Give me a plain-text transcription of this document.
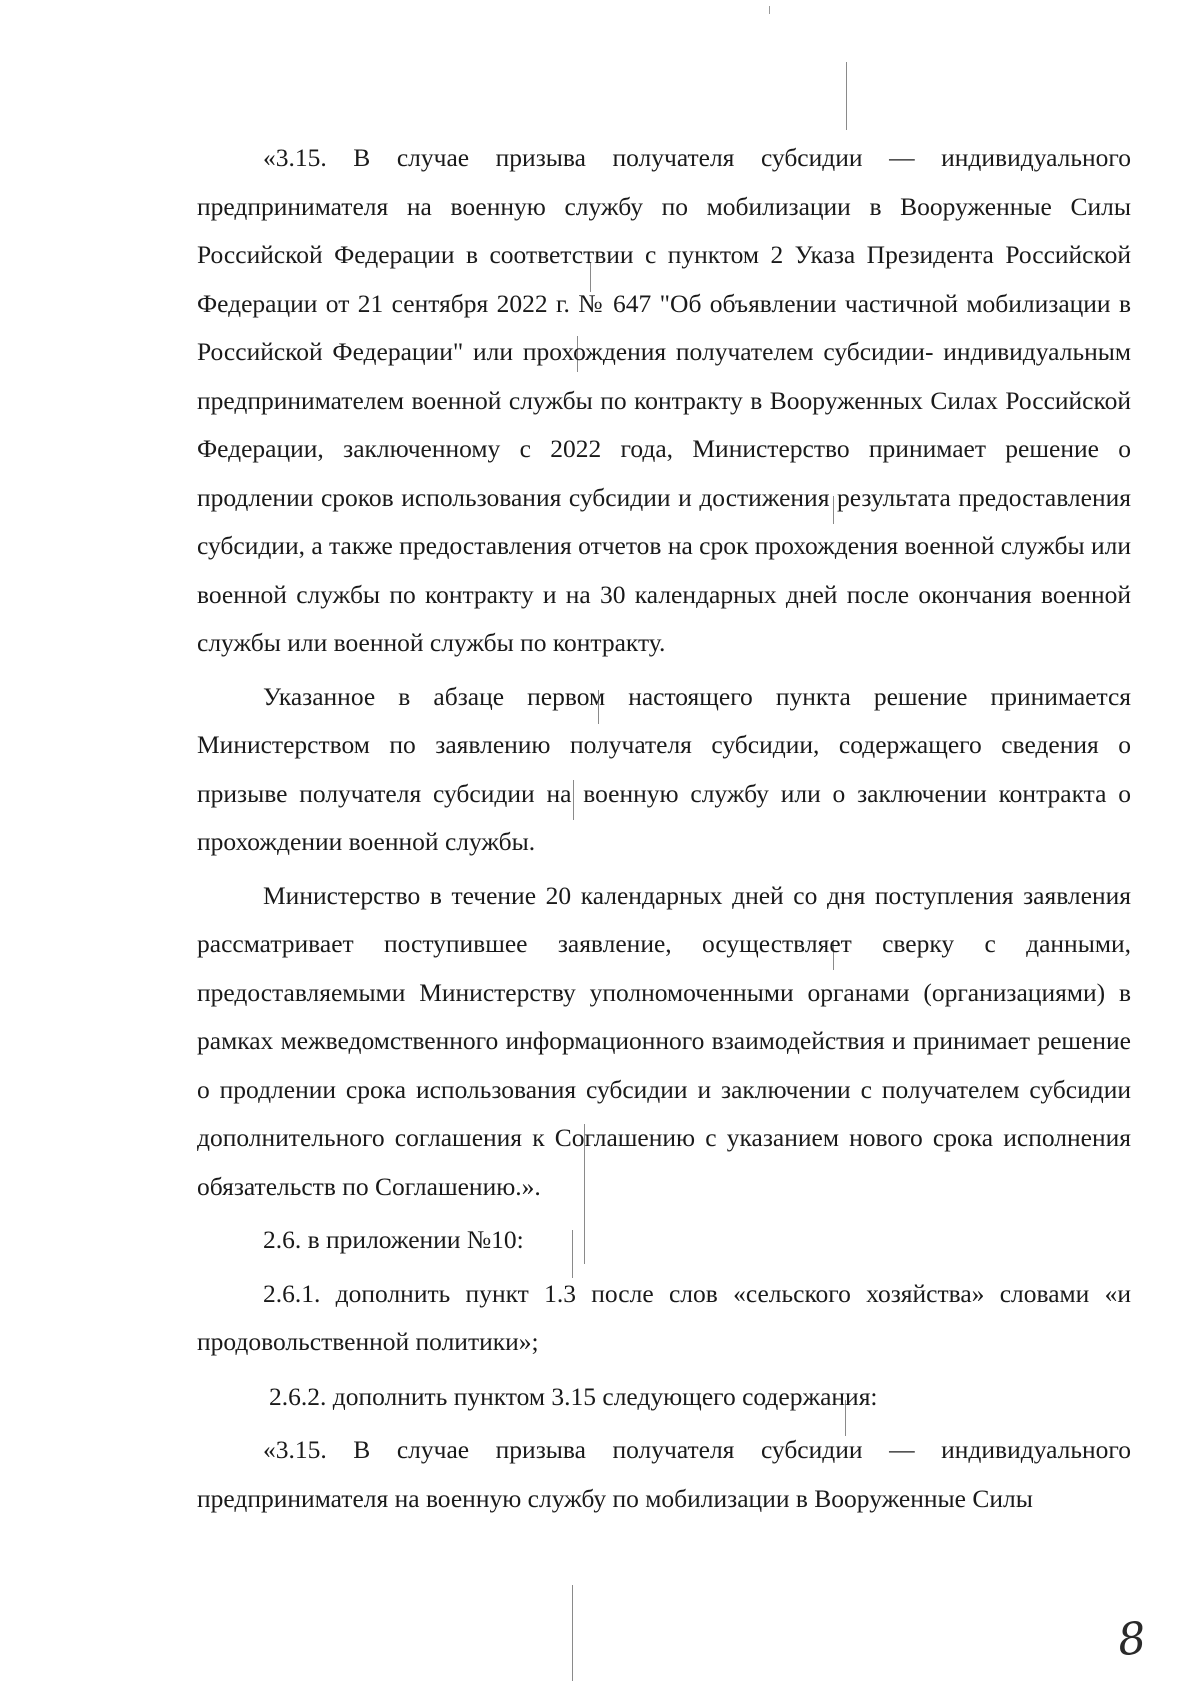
«3.15. В случае призыва получателя субсидии — индивидуального предпринимателя на военную службу по мобилизации в Вооруженные Силы Российской Федерации в соответствии с пунктом 2 Указа Президента Российской Федерации от 21 сентября 2022 г. № 647 "Об объявлении частичной мобилизации в Российской Федерации" или прохождения получателем субсидии- индивидуальным предпринимателем военной службы по контракту в Вооруженных Силах Российской Федерации, заключенному с 2022 года, Министерство принимает решение о продлении сроков использования субсидии и достижения результата предоставления субсидии, а также предоставления отчетов на срок прохождения военной службы или военной службы по контракту и на 30 календарных дней после окончания военной службы или военной службы по контракту.

Указанное в абзаце первом настоящего пункта решение принимается Министерством по заявлению получателя субсидии, содержащего сведения о призыве получателя субсидии на военную службу или о заключении контракта о прохождении военной службы.

Министерство в течение 20 календарных дней со дня поступления заявления рассматривает поступившее заявление, осуществляет сверку с данными, предоставляемыми Министерству уполномоченными органами (организациями) в рамках межведомственного информационного взаимодействия и принимает решение о продлении срока использования субсидии и заключении с получателем субсидии дополнительного соглашения к Соглашению с указанием нового срока исполнения обязательств по Соглашению.».

2.6. в приложении №10:

2.6.1. дополнить пункт 1.3 после слов «сельского хозяйства» словами «и продовольственной политики»;

2.6.2. дополнить пунктом 3.15 следующего содержания:

«3.15. В случае призыва получателя субсидии — индивидуального предпринимателя на военную службу по мобилизации в Вооруженные Силы

8
